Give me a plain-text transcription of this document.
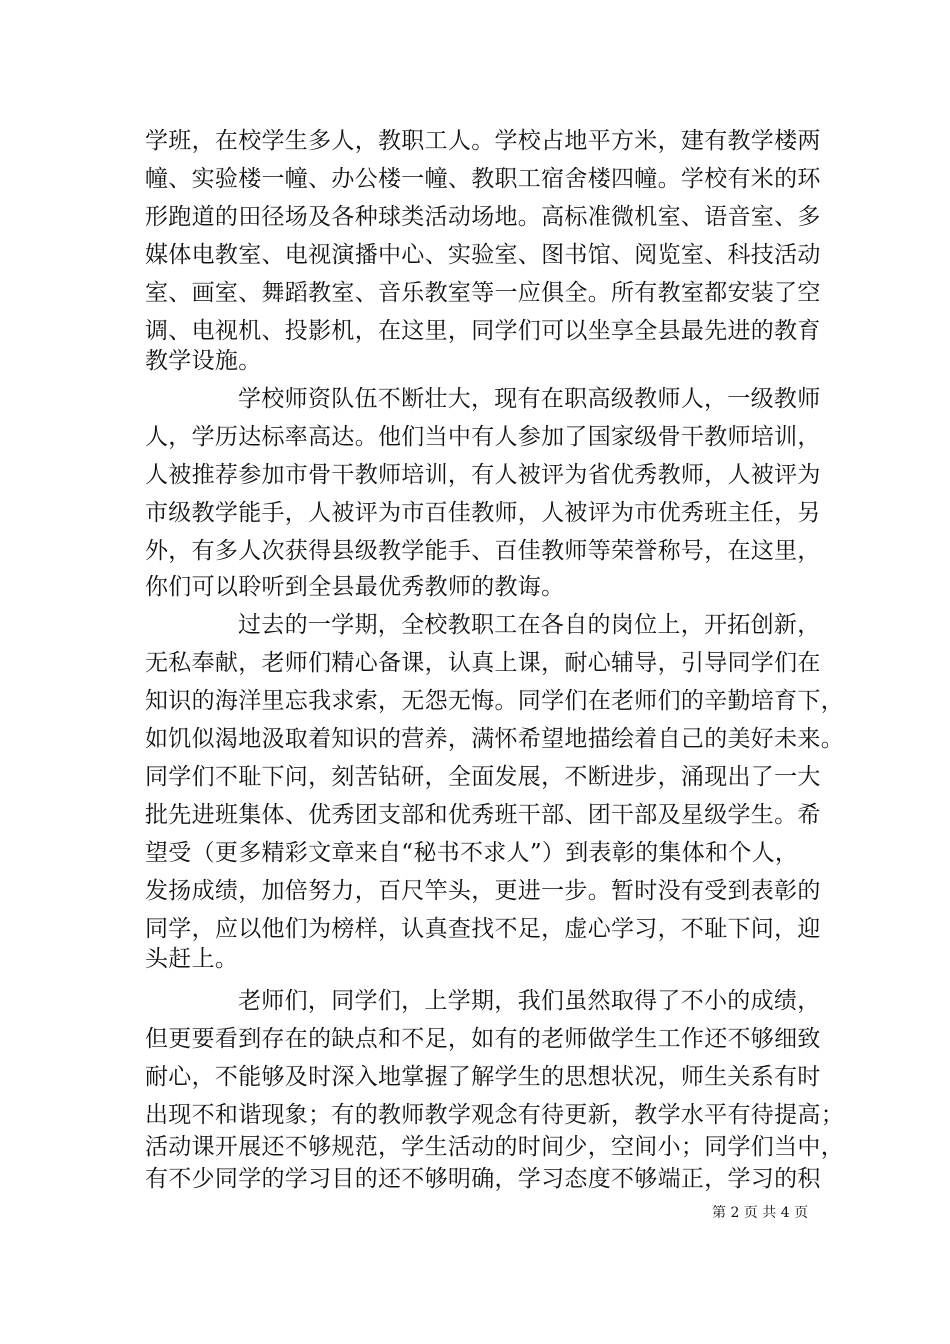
学班，在校学生多人，教职工人。学校占地平方米，建有教学楼两
幢、实验楼一幢、办公楼一幢、教职工宿舍楼四幢。学校有米的环
形跑道的田径场及各种球类活动场地。高标准微机室、语音室、多
媒体电教室、电视演播中心、实验室、图书馆、阅览室、科技活动
室、画室、舞蹈教室、音乐教室等一应俱全。所有教室都安装了空
调、电视机、投影机，在这里，同学们可以坐享全县最先进的教育
教学设施。
学校师资队伍不断壮大，现有在职高级教师人，一级教师
人，学历达标率高达。他们当中有人参加了国家级骨干教师培训，
人被推荐参加市骨干教师培训，有人被评为省优秀教师，人被评为
市级教学能手，人被评为市百佳教师，人被评为市优秀班主任，另
外，有多人次获得县级教学能手、百佳教师等荣誉称号，在这里，
你们可以聆听到全县最优秀教师的教诲。
过去的一学期，全校教职工在各自的岗位上，开拓创新，
无私奉献，老师们精心备课，认真上课，耐心辅导，引导同学们在
知识的海洋里忘我求索，无怨无悔。同学们在老师们的辛勤培育下，
如饥似渴地汲取着知识的营养，满怀希望地描绘着自己的美好未来。
同学们不耻下问，刻苦钻研，全面发展，不断进步，涌现出了一大
批先进班集体、优秀团支部和优秀班干部、团干部及星级学生。希
望受（更多精彩文章来自“秘书不求人”）到表彰的集体和个人，
发扬成绩，加倍努力，百尺竿头，更进一步。暂时没有受到表彰的
同学，应以他们为榜样，认真查找不足，虚心学习，不耻下问，迎
头赶上。
老师们，同学们，上学期，我们虽然取得了不小的成绩，
但更要看到存在的缺点和不足，如有的老师做学生工作还不够细致
耐心，不能够及时深入地掌握了解学生的思想状况，师生关系有时
出现不和谐现象；有的教师教学观念有待更新，教学水平有待提高；
活动课开展还不够规范，学生活动的时间少，空间小；同学们当中，
有不少同学的学习目的还不够明确，学习态度不够端正，学习的积
第 2 页 共 4 页
